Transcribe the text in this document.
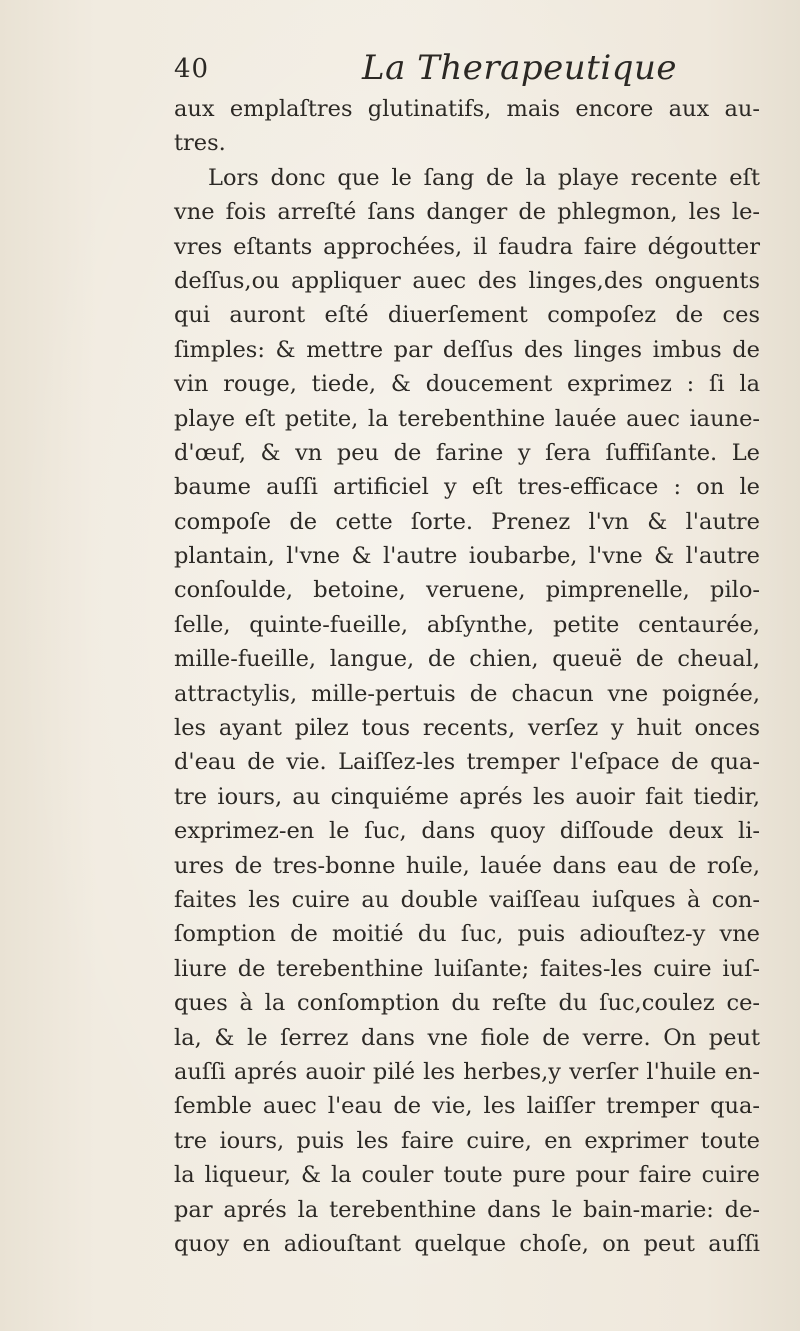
40	La Therapeutique
aux emplaſtres glutinatifs, mais encore aux au-
tres.
Lors donc que le ſang de la playe recente eſt
vne fois arreſté ſans danger de phlegmon, les le-
vres eſtants approchées, il faudra faire dégoutter
deſſus,ou appliquer auec des linges,des onguents
qui auront eſté diuerſement compoſez de ces
ſimples: & mettre par deſſus des linges imbus de
vin rouge, tiede, & doucement exprimez : ſi la
playe eſt petite, la terebenthine lauée auec iaune-
d'œuf, & vn peu de farine y ſera ſuffiſante. Le
baume auſſi artificiel y eſt tres-efficace : on le
compoſe de cette ſorte. Prenez l'vn & l'autre
plantain, l'vne & l'autre ioubarbe, l'vne & l'autre
conſoulde, betoine, veruene, pimprenelle, pilo-
ſelle, quinte-fueille, abſynthe, petite centaurée,
mille-fueille, langue, de chien, queuë de cheual,
attractylis, mille-pertuis de chacun vne poignée,
les ayant pilez tous recents, verſez y huit onces
d'eau de vie. Laiſſez-les tremper l'eſpace de qua-
tre iours, au cinquiéme aprés les auoir fait tiedir,
exprimez-en le ſuc, dans quoy diſſoude deux li-
ures de tres-bonne huile, lauée dans eau de roſe,
faites les cuire au double vaiſſeau iuſques à con-
ſomption de moitié du ſuc, puis adiouſtez-y vne
liure de terebenthine luiſante; faites-les cuire iuſ-
ques à la conſomption du reſte du ſuc,coulez ce-
la, & le ſerrez dans vne fiole de verre. On peut
auſſi aprés auoir pilé les herbes,y verſer l'huile en-
ſemble auec l'eau de vie, les laiſſer tremper qua-
tre iours, puis les faire cuire, en exprimer toute
la liqueur, & la couler toute pure pour faire cuire
par aprés la terebenthine dans le bain-marie: de-
quoy en adiouſtant quelque choſe, on peut auſſi
